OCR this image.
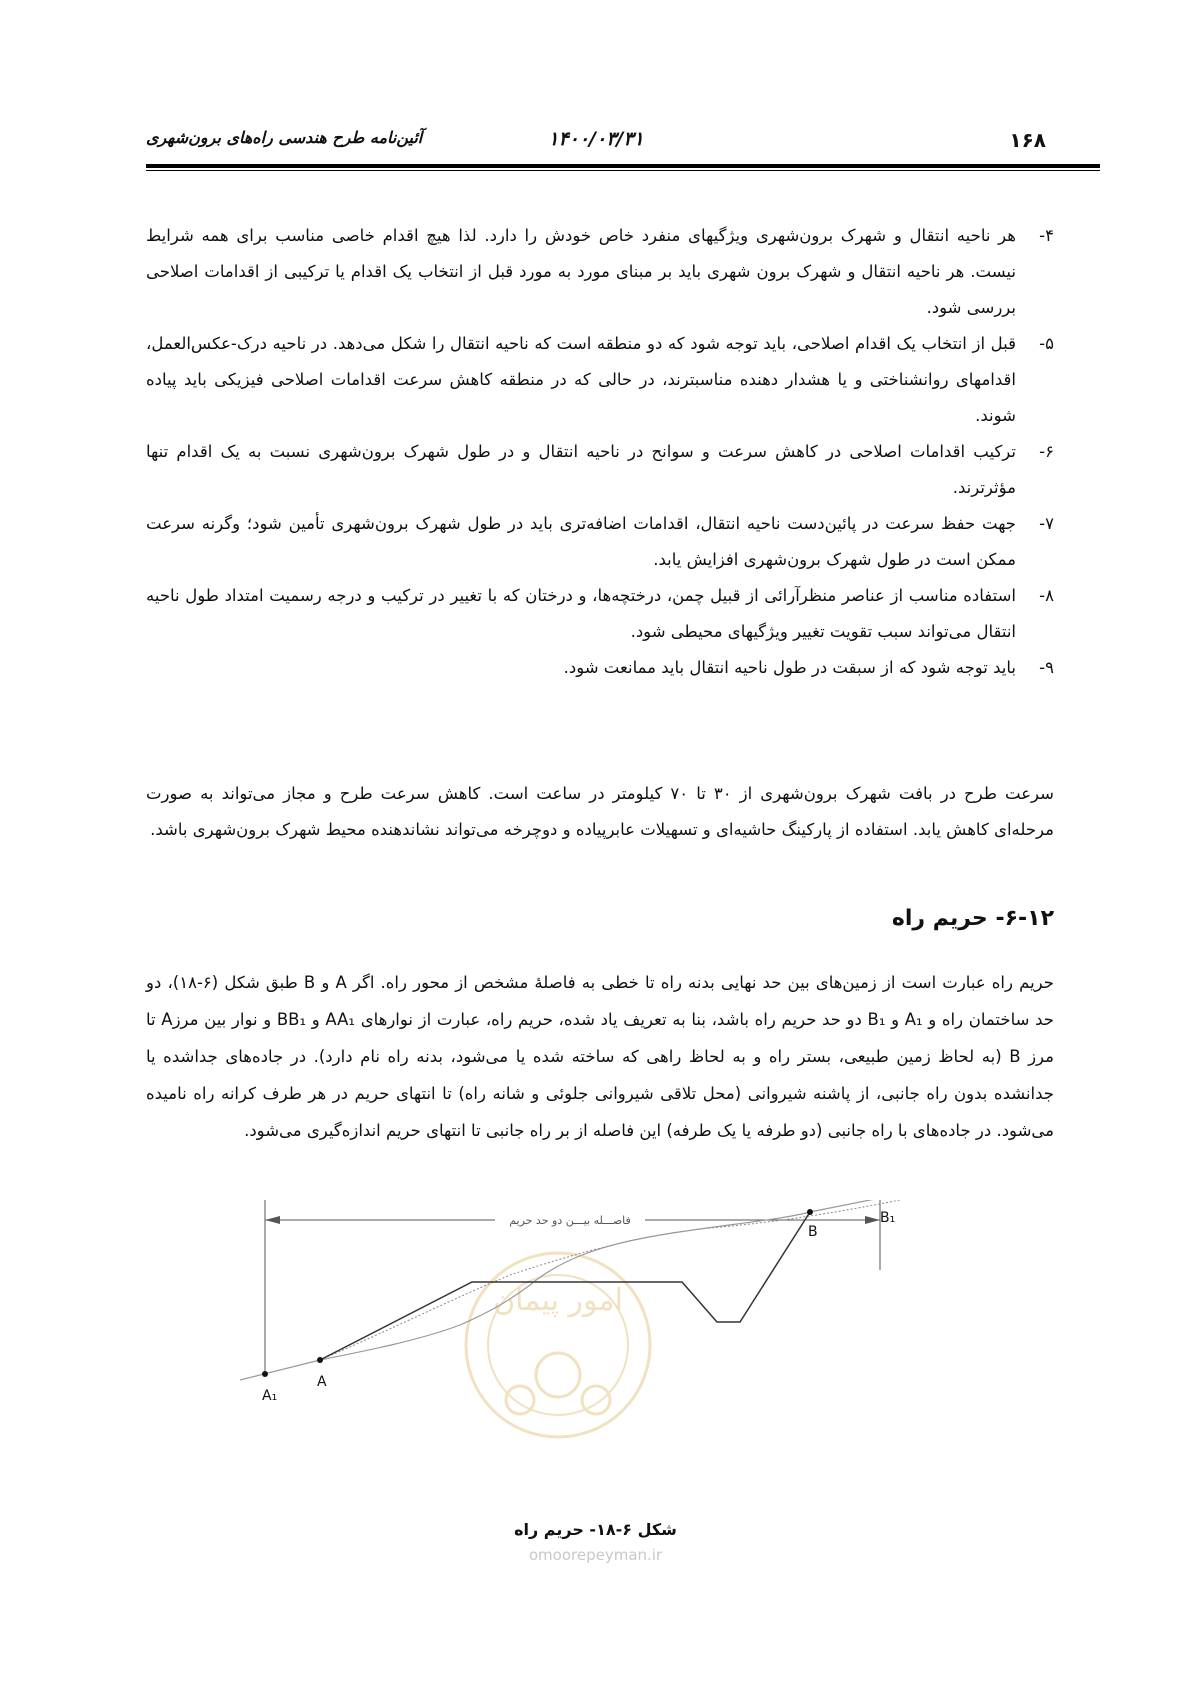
۱۶۸
۱۴۰۰/۰۳/۳۱
آئین‌نامه طرح هندسی راه‌های برون‌شهری
۴-
هر ناحیه انتقال و شهرک برون‌شهری ویژگیهای منفرد خاص خودش را دارد. لذا هیچ اقدام خاصی مناسب برای همه شرایط نیست. هر ناحیه انتقال و شهرک برون شهری باید بر مبنای مورد به مورد قبل از انتخاب یک اقدام یا ترکیبی از اقدامات اصلاحی بررسی شود.
۵-
قبل از انتخاب یک اقدام اصلاحی، باید توجه شود که دو منطقه است که ناحیه انتقال را شکل می‌دهد. در ناحیه درک-عکس‌العمل، اقدامهای روانشناختی و یا هشدار دهنده مناسبترند، در حالی که در منطقه کاهش سرعت اقدامات اصلاحی فیزیکی باید پیاده شوند.
۶-
ترکیب اقدامات اصلاحی در کاهش سرعت و سوانح در ناحیه انتقال و در طول شهرک برون‌شهری نسبت به یک اقدام تنها مؤثرترند.
۷-
جهت حفظ سرعت در پائین‌دست ناحیه انتقال، اقدامات اضافه‌تری باید در طول شهرک برون‌شهری تأمین شود؛ وگرنه سرعت ممکن است در طول شهرک برون‌شهری افزایش یابد.
۸-
استفاده مناسب از عناصر منظرآرائی از قبیل چمن، درختچه‌ها، و درختان که با تغییر در ترکیب و درجه رسمیت امتداد طول ناحیه انتقال می‌تواند سبب تقویت تغییر ویژگیهای محیطی شود.
۹-
باید توجه شود که از سبقت در طول ناحیه انتقال باید ممانعت شود.
سرعت طرح در بافت شهرک برون‌شهری از ۳۰ تا ۷۰ کیلومتر در ساعت است. کاهش سرعت طرح و مجاز می‌تواند به صورت مرحله‌ای کاهش یابد. استفاده از پارکینگ حاشیه‌ای و تسهیلات عابرپیاده و دوچرخه می‌تواند نشاندهنده محیط شهرک برون‌شهری باشد.
۶-۱۲- حریم راه
حریم راه عبارت است از زمین‌های بین حد نهایی بدنه راه تا خطی به فاصله‌ٔ مشخص از محور راه. اگر A و B طبق شکل (۶-۱۸)، دو حد ساختمان راه و A₁ و B₁ دو حد حریم راه باشد، بنا به تعریف یاد شده، حریم راه، عبارت از نوارهای AA₁ و BB₁ و نوار بین مرزA تا مرز B (به لحاظ زمین طبیعی، بستر راه و به لحاظ راهی که ساخته شده یا می‌شود، بدنه راه نام دارد). در جاده‌های جداشده یا جدانشده بدون راه جانبی، از پاشنه شیروانی (محل تلاقی شیروانی جلوئی و شانه راه) تا انتهای حریم در هر طرف کرانه راه نامیده می‌شود. در جاده‌های با راه جانبی (دو طرفه یا یک طرفه) این فاصله از بر راه جانبی تا انتهای حریم اندازه‌گیری می‌شود.
امور پیمان
فاصـــله بیـــن دو حد حریم
A₁
A
B
B₁
شکل ۶-۱۸- حریم راه
omoorepeyman.ir
